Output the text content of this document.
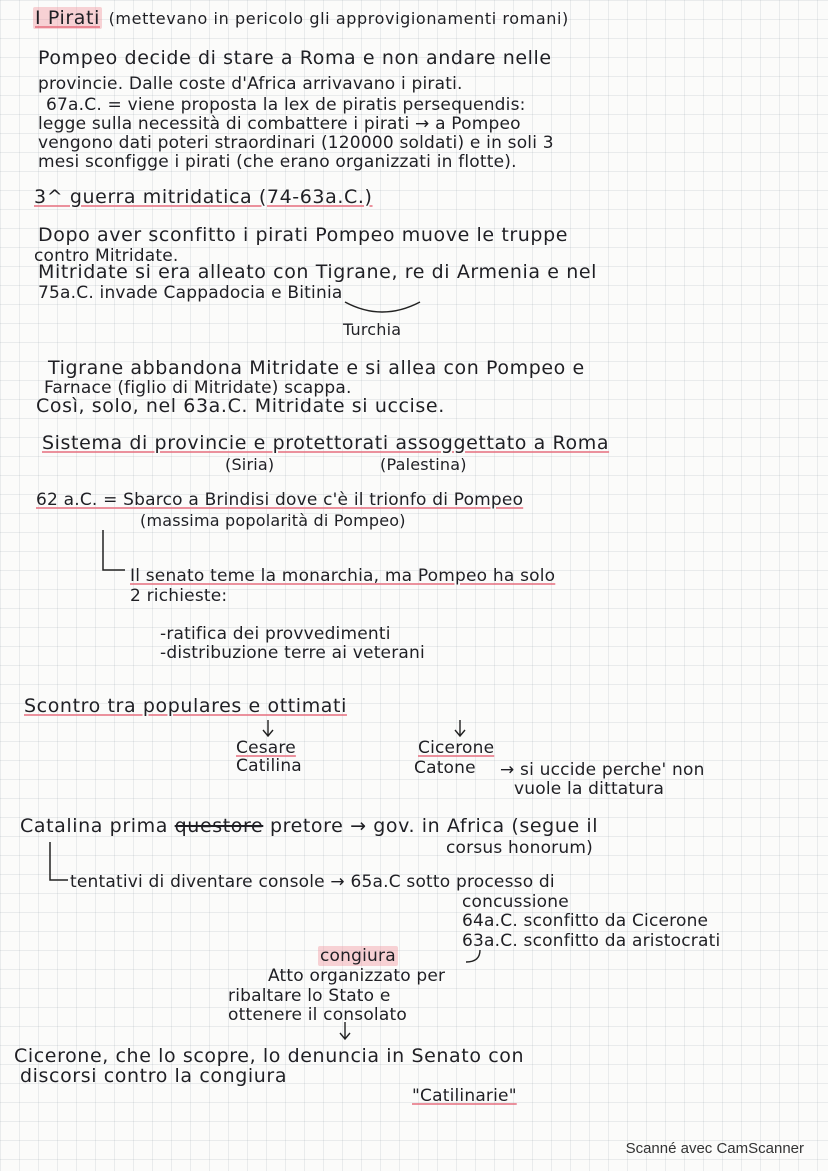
I Pirati (mettevano in pericolo gli approvigionamenti romani)
Pompeo decide di stare a Roma e non andare nelle
provincie. Dalle coste d'Africa arrivavano i pirati.
67a.C. = viene proposta la lex de piratis persequendis:
legge sulla necessità di combattere i pirati → a Pompeo
vengono dati poteri straordinari (120000 soldati) e in soli 3
mesi sconfigge i pirati (che erano organizzati in flotte).
3^ guerra mitridatica (74-63a.C.)
Dopo aver sconfitto i pirati Pompeo muove le truppe
contro Mitridate.
Mitridate si era alleato con Tigrane, re di Armenia e nel
75a.C. invade Cappadocia e Bitinia
Turchia
Tigrane abbandona Mitridate e si allea con Pompeo e
Farnace (figlio di Mitridate) scappa.
Così, solo, nel 63a.C. Mitridate si uccise.
Sistema di provincie e protettorati assoggettato a Roma
(Siria)	(Palestina)
62 a.C. = Sbarco a Brindisi dove c'è il trionfo di Pompeo
(massima popolarità di Pompeo)
Il senato teme la monarchia, ma Pompeo ha solo
2 richieste:
-ratifica dei provvedimenti
-distribuzione terre ai veterani
Scontro tra populares e ottimati
Cesare
Catilina
Cicerone
Catone → si uccide perche' non
vuole la dittatura
Catalina prima questore pretore → gov. in Africa (segue il
corsus honorum)
tentativi di diventare console → 65a.C sotto processo di
concussione
64a.C. sconfitto da Cicerone
63a.C. sconfitto da aristocrati
congiura
Atto organizzato per
ribaltare lo Stato e
ottenere il consolato
Cicerone, che lo scopre, lo denuncia in Senato con
discorsi contro la congiura
"Catilinarie"
Scanné avec CamScanner
